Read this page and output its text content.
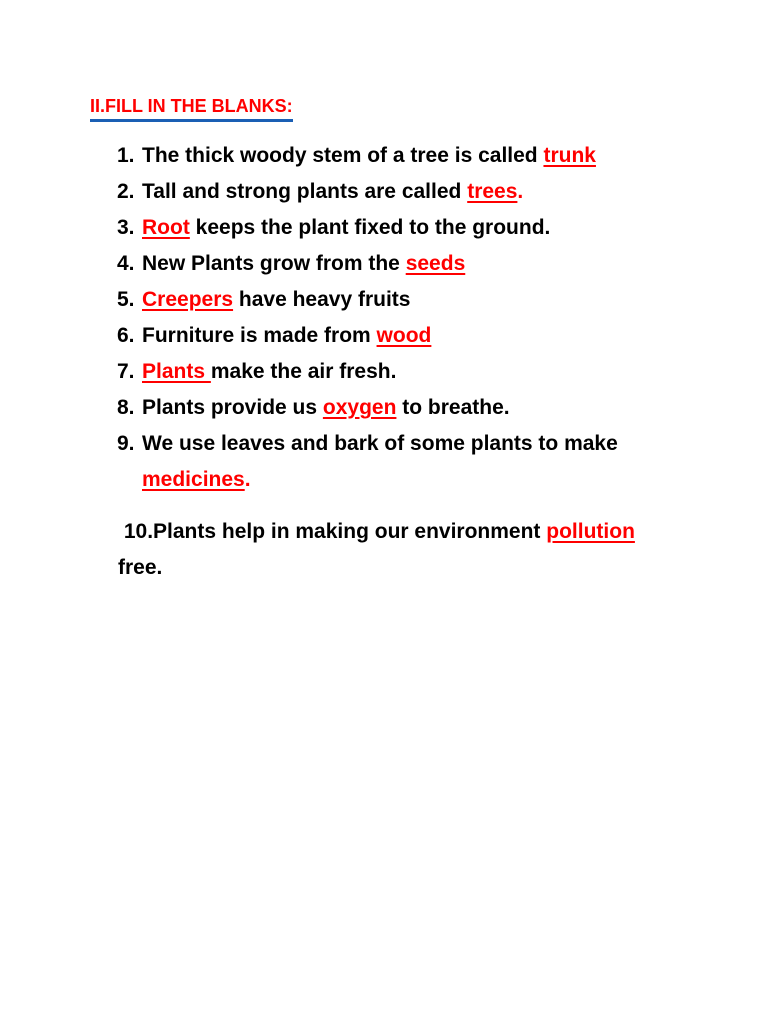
II.FILL IN THE BLANKS:
1. The thick woody stem of a tree is called trunk
2. Tall and strong plants are called trees.
3. Root keeps the plant fixed to the ground.
4. New Plants grow from the seeds
5. Creepers have heavy fruits
6. Furniture is made from wood
7. Plants make the air fresh.
8. Plants provide us oxygen to breathe.
9. We use leaves and bark of some plants to make
medicines.
10.Plants help in making our environment pollution
free.
